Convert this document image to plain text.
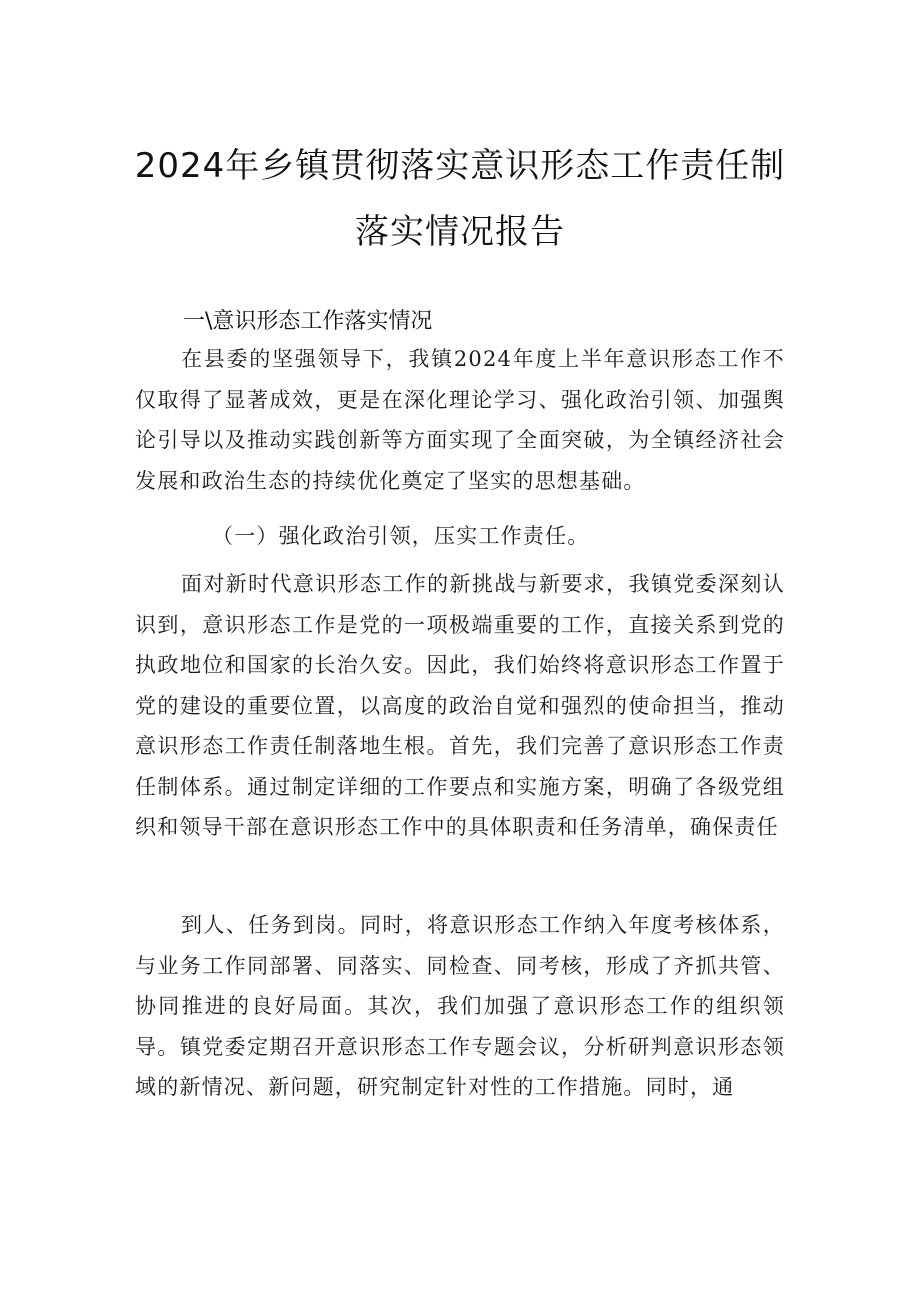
2024年乡镇贯彻落实意识形态工作责任制
落实情况报告
一\意识形态工作落实情况

在县委的坚强领导下，我镇2024年度上半年意识形态工作不仅取得了显著成效，更是在深化理论学习、强化政治引领、加强舆论引导以及推动实践创新等方面实现了全面突破，为全镇经济社会发展和政治生态的持续优化奠定了坚实的思想基础。

（一）强化政治引领，压实工作责任。

面对新时代意识形态工作的新挑战与新要求，我镇党委深刻认识到，意识形态工作是党的一项极端重要的工作，直接关系到党的执政地位和国家的长治久安。因此，我们始终将意识形态工作置于党的建设的重要位置，以高度的政治自觉和强烈的使命担当，推动意识形态工作责任制落地生根。首先，我们完善了意识形态工作责任制体系。通过制定详细的工作要点和实施方案，明确了各级党组织和领导干部在意识形态工作中的具体职责和任务清单，确保责任

到人、任务到岗。同时，将意识形态工作纳入年度考核体系，与业务工作同部署、同落实、同检查、同考核，形成了齐抓共管、协同推进的良好局面。其次，我们加强了意识形态工作的组织领导。镇党委定期召开意识形态工作专题会议，分析研判意识形态领域的新情况、新问题，研究制定针对性的工作措施。同时，通
